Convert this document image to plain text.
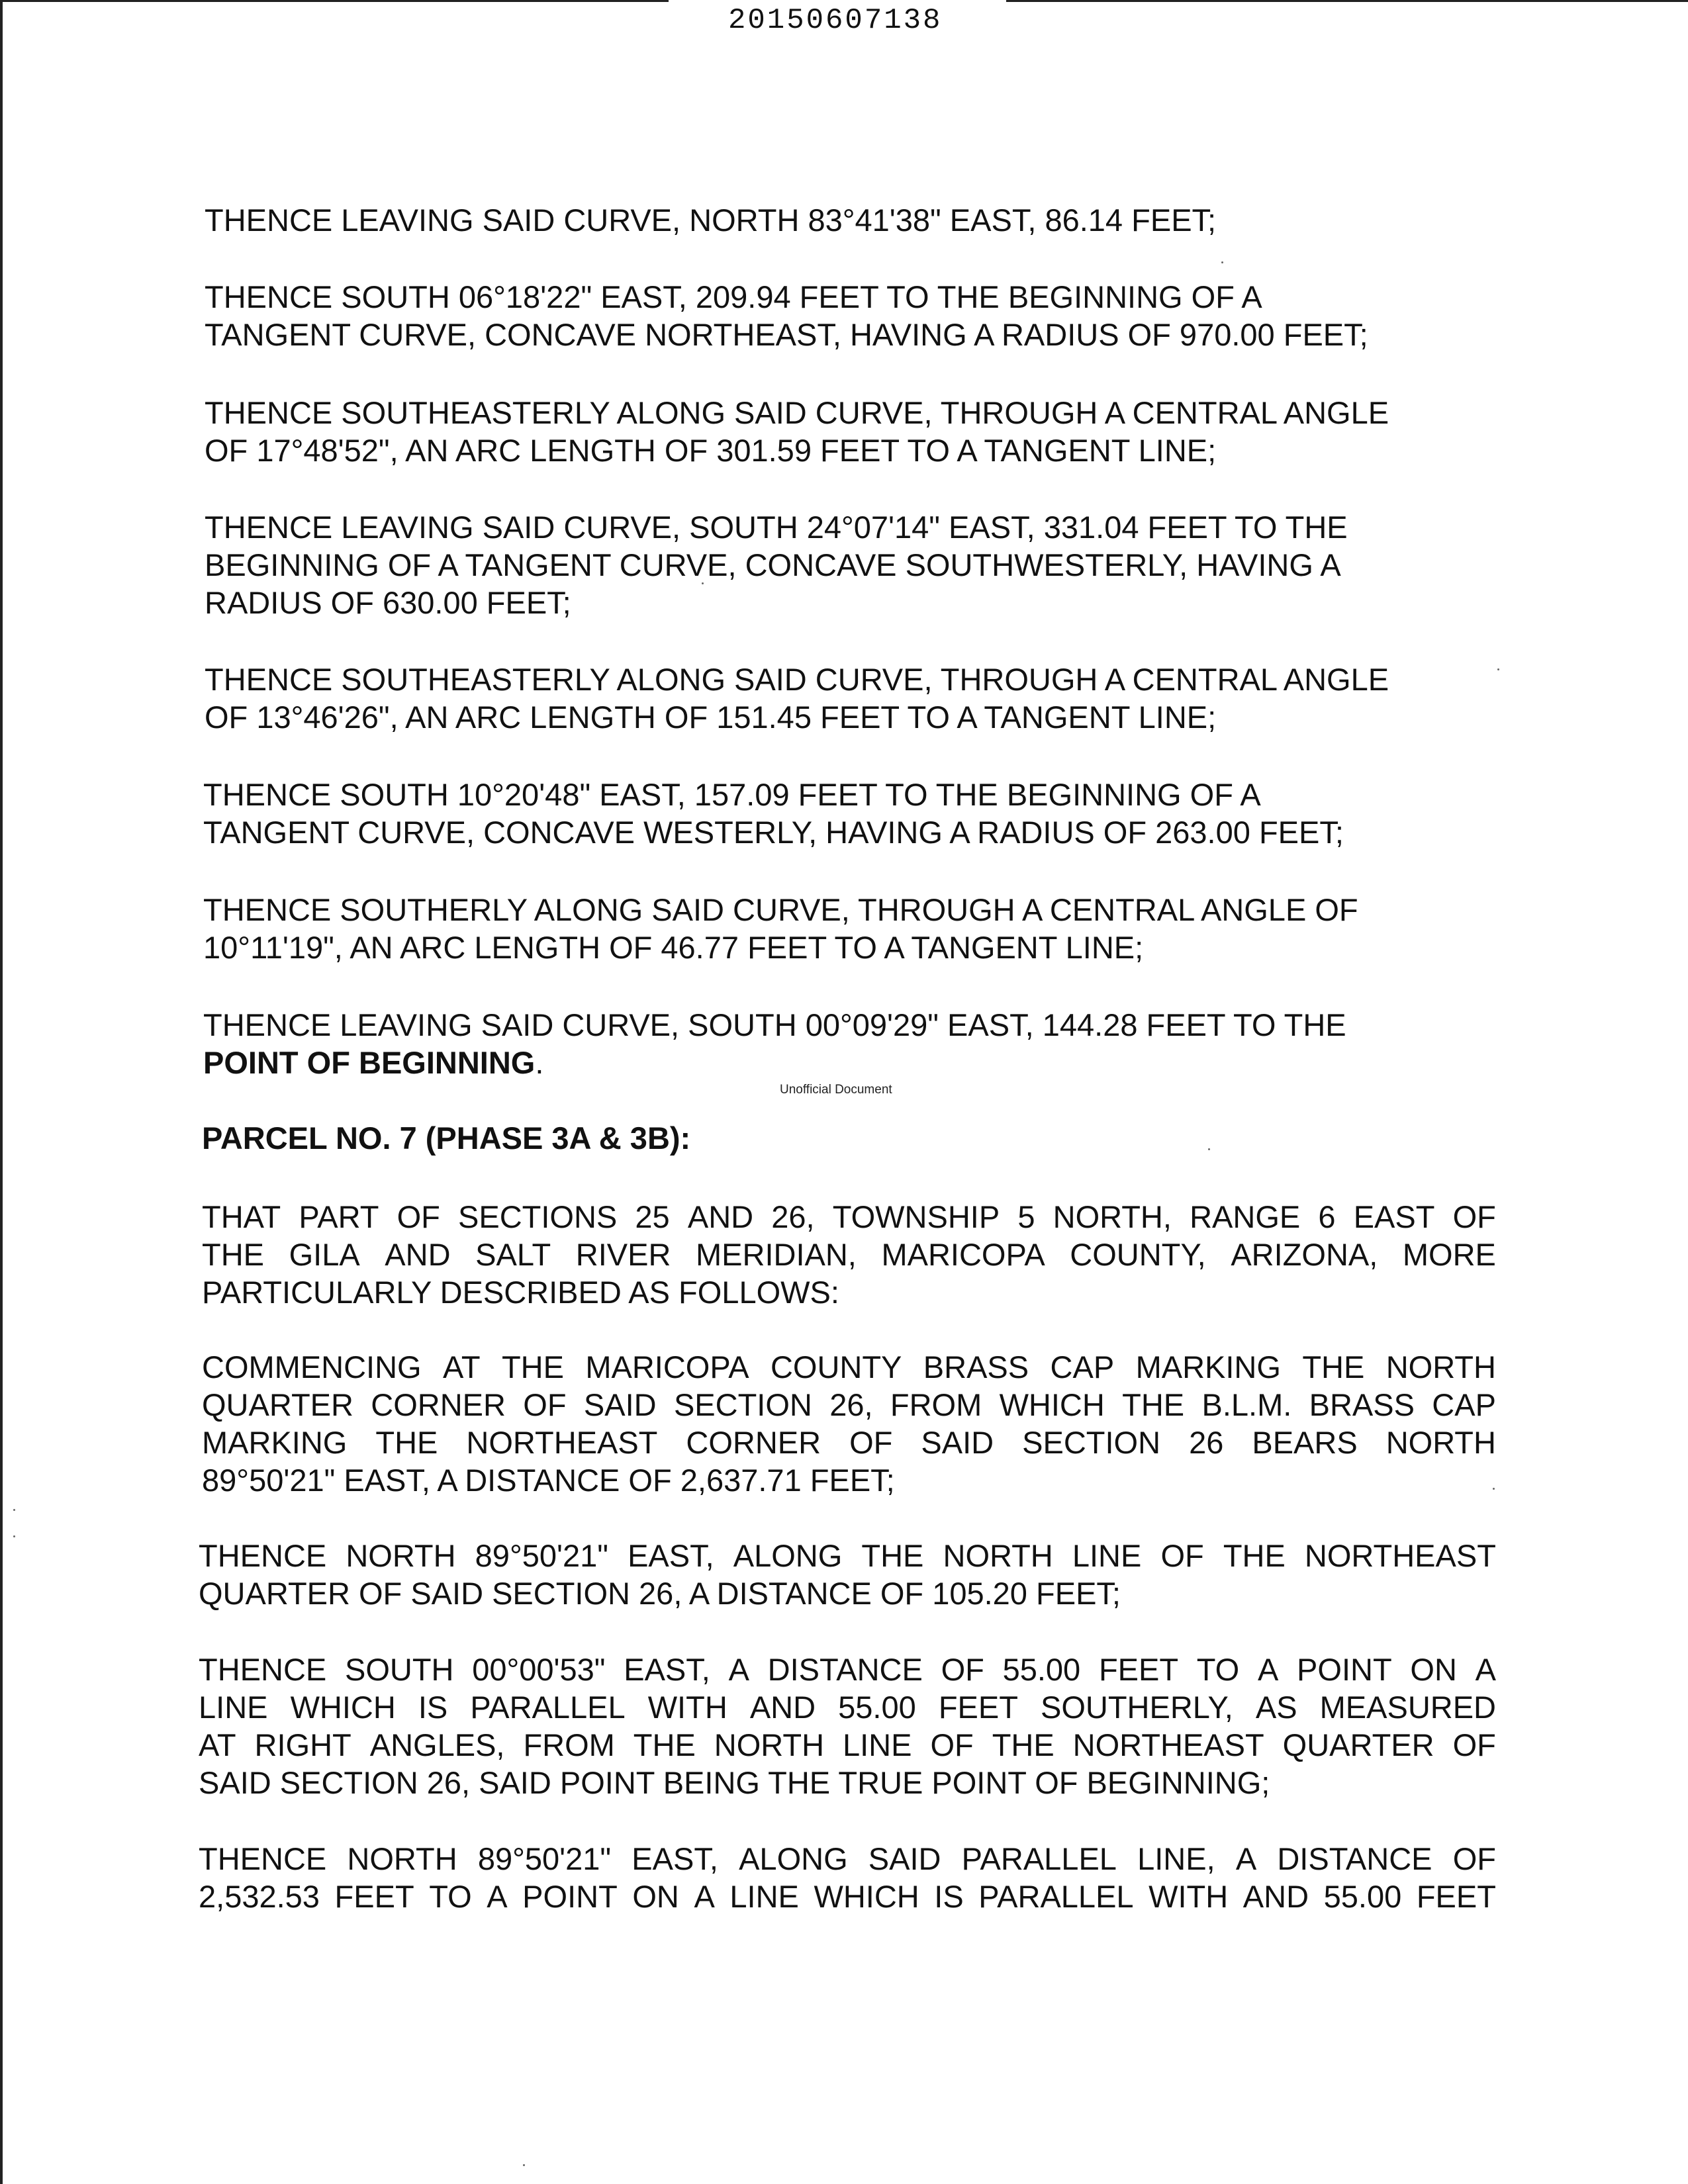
20150607138
THENCE LEAVING SAID CURVE, NORTH 83°41'38" EAST, 86.14 FEET;
THENCE SOUTH 06°18'22" EAST, 209.94 FEET TO THE BEGINNING OF A
TANGENT CURVE, CONCAVE NORTHEAST, HAVING A RADIUS OF 970.00 FEET;
THENCE SOUTHEASTERLY ALONG SAID CURVE, THROUGH A CENTRAL ANGLE
OF 17°48'52", AN ARC LENGTH OF 301.59 FEET TO A TANGENT LINE;
THENCE LEAVING SAID CURVE, SOUTH 24°07'14" EAST, 331.04 FEET TO THE
BEGINNING OF A TANGENT CURVE, CONCAVE SOUTHWESTERLY, HAVING A
RADIUS OF 630.00 FEET;
THENCE SOUTHEASTERLY ALONG SAID CURVE, THROUGH A CENTRAL ANGLE
OF 13°46'26", AN ARC LENGTH OF 151.45 FEET TO A TANGENT LINE;
THENCE SOUTH 10°20'48" EAST, 157.09 FEET TO THE BEGINNING OF A
TANGENT CURVE, CONCAVE WESTERLY, HAVING A RADIUS OF 263.00 FEET;
THENCE SOUTHERLY ALONG SAID CURVE, THROUGH A CENTRAL ANGLE OF
10°11'19", AN ARC LENGTH OF 46.77 FEET TO A TANGENT LINE;
THENCE LEAVING SAID CURVE, SOUTH 00°09'29" EAST, 144.28 FEET TO THE
POINT OF BEGINNING.
Unofficial Document
PARCEL NO. 7 (PHASE 3A & 3B):
THAT PART OF SECTIONS 25 AND 26, TOWNSHIP 5 NORTH, RANGE 6 EAST OF
THE GILA AND SALT RIVER MERIDIAN, MARICOPA COUNTY, ARIZONA, MORE
PARTICULARLY DESCRIBED AS FOLLOWS:
COMMENCING AT THE MARICOPA COUNTY BRASS CAP MARKING THE NORTH
QUARTER CORNER OF SAID SECTION 26, FROM WHICH THE B.L.M. BRASS CAP
MARKING THE NORTHEAST CORNER OF SAID SECTION 26 BEARS NORTH
89°50'21" EAST, A DISTANCE OF 2,637.71 FEET;
THENCE NORTH 89°50'21" EAST, ALONG THE NORTH LINE OF THE NORTHEAST
QUARTER OF SAID SECTION 26, A DISTANCE OF 105.20 FEET;
THENCE SOUTH 00°00'53" EAST, A DISTANCE OF 55.00 FEET TO A POINT ON A
LINE WHICH IS PARALLEL WITH AND 55.00 FEET SOUTHERLY, AS MEASURED
AT RIGHT ANGLES, FROM THE NORTH LINE OF THE NORTHEAST QUARTER OF
SAID SECTION 26, SAID POINT BEING THE TRUE POINT OF BEGINNING;
THENCE NORTH 89°50'21" EAST, ALONG SAID PARALLEL LINE, A DISTANCE OF
2,532.53 FEET TO A POINT ON A LINE WHICH IS PARALLEL WITH AND 55.00 FEET
